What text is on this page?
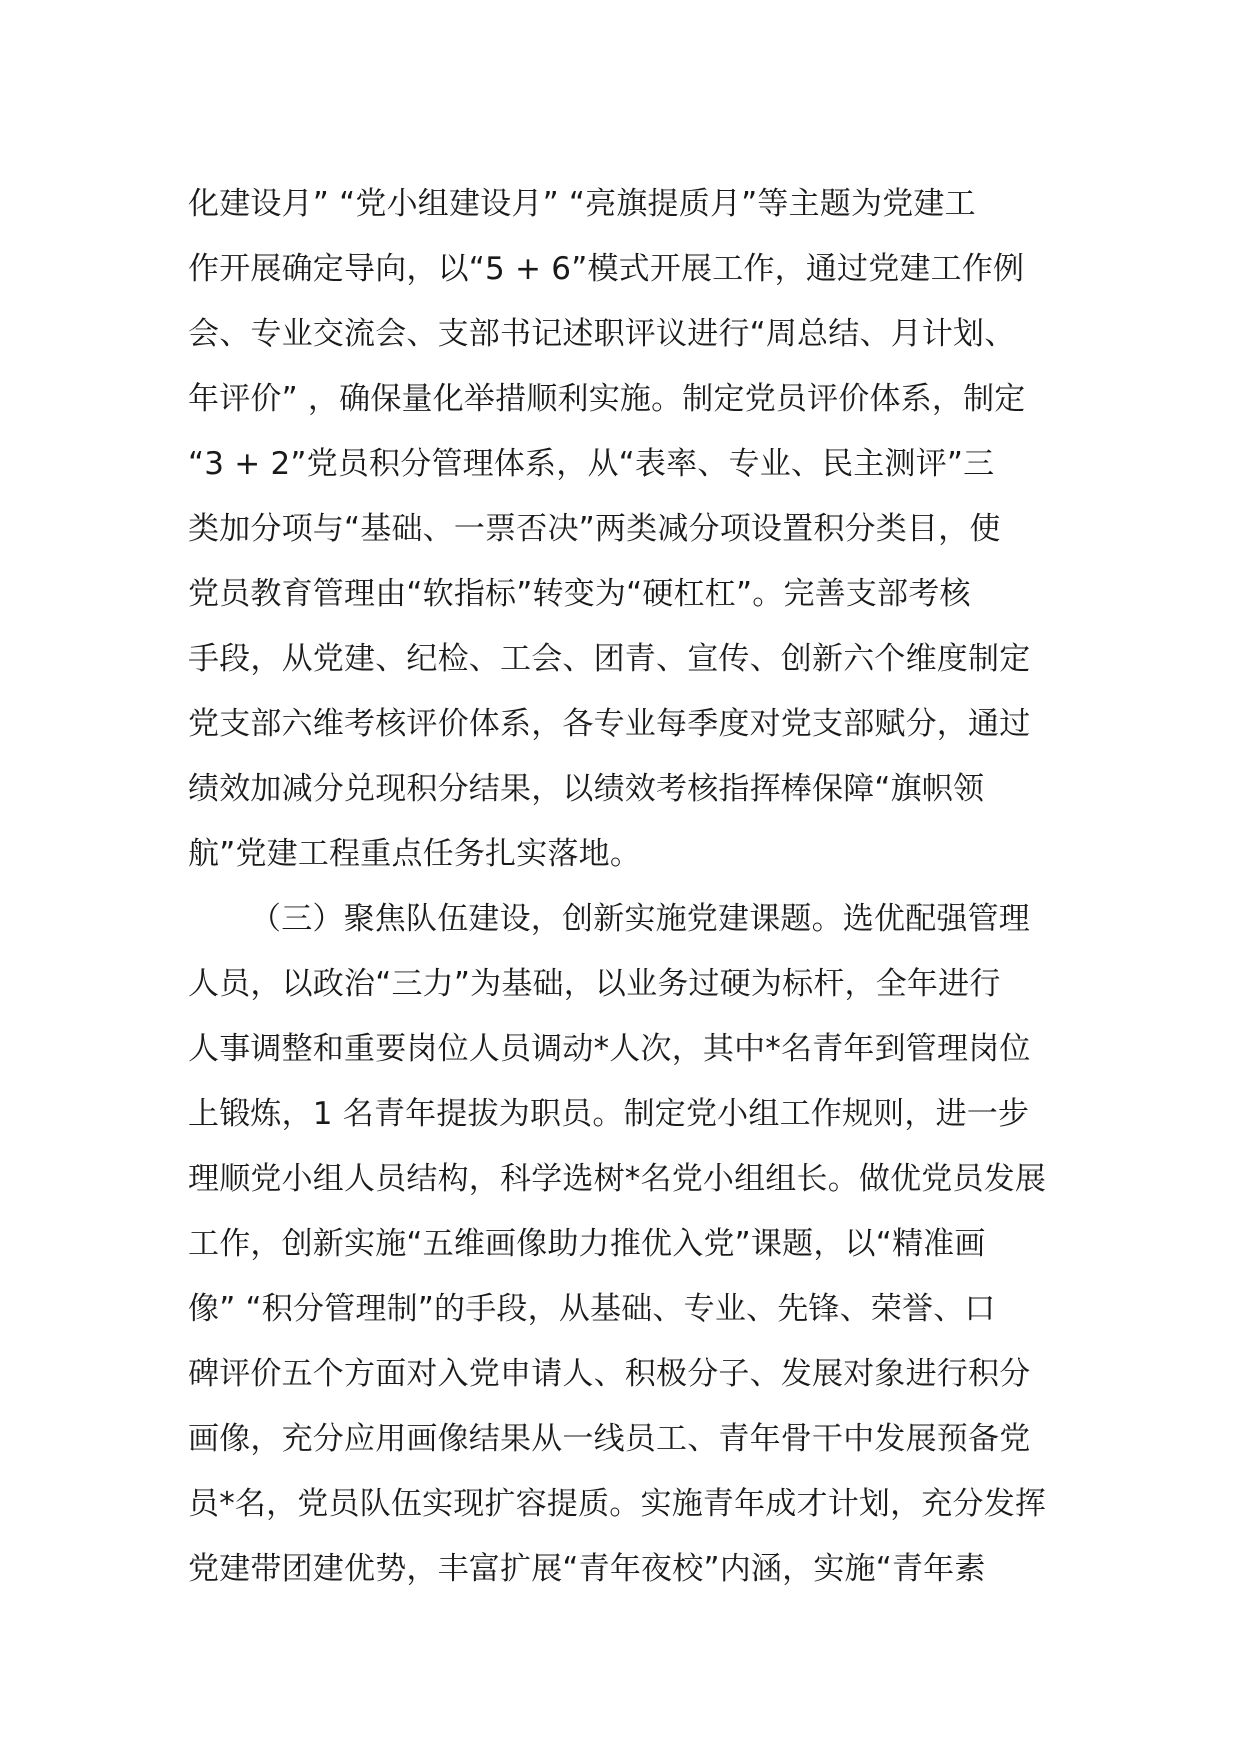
化建设月” “党小组建设月” “亮旗提质月”等主题为党建工
作开展确定导向，以“5 + 6”模式开展工作，通过党建工作例
会、专业交流会、支部书记述职评议进行“周总结、月计划、
年评价” ，确保量化举措顺利实施。制定党员评价体系，制定
“3 + 2”党员积分管理体系，从“表率、专业、民主测评”三
类加分项与“基础、一票否决”两类减分项设置积分类目，使
党员教育管理由“软指标”转变为“硬杠杠”。完善支部考核
手段，从党建、纪检、工会、团青、宣传、创新六个维度制定
党支部六维考核评价体系，各专业每季度对党支部赋分，通过
绩效加减分兑现积分结果，以绩效考核指挥棒保障“旗帜领
航”党建工程重点任务扎实落地。
（三）聚焦队伍建设，创新实施党建课题。选优配强管理
人员，以政治“三力”为基础，以业务过硬为标杆，全年进行
人事调整和重要岗位人员调动*人次，其中*名青年到管理岗位
上锻炼，1 名青年提拔为职员。制定党小组工作规则，进一步
理顺党小组人员结构，科学选树*名党小组组长。做优党员发展
工作，创新实施“五维画像助力推优入党”课题，以“精准画
像” “积分管理制”的手段，从基础、专业、先锋、荣誉、口
碑评价五个方面对入党申请人、积极分子、发展对象进行积分
画像，充分应用画像结果从一线员工、青年骨干中发展预备党
员*名，党员队伍实现扩容提质。实施青年成才计划，充分发挥
党建带团建优势，丰富扩展“青年夜校”内涵，实施“青年素
